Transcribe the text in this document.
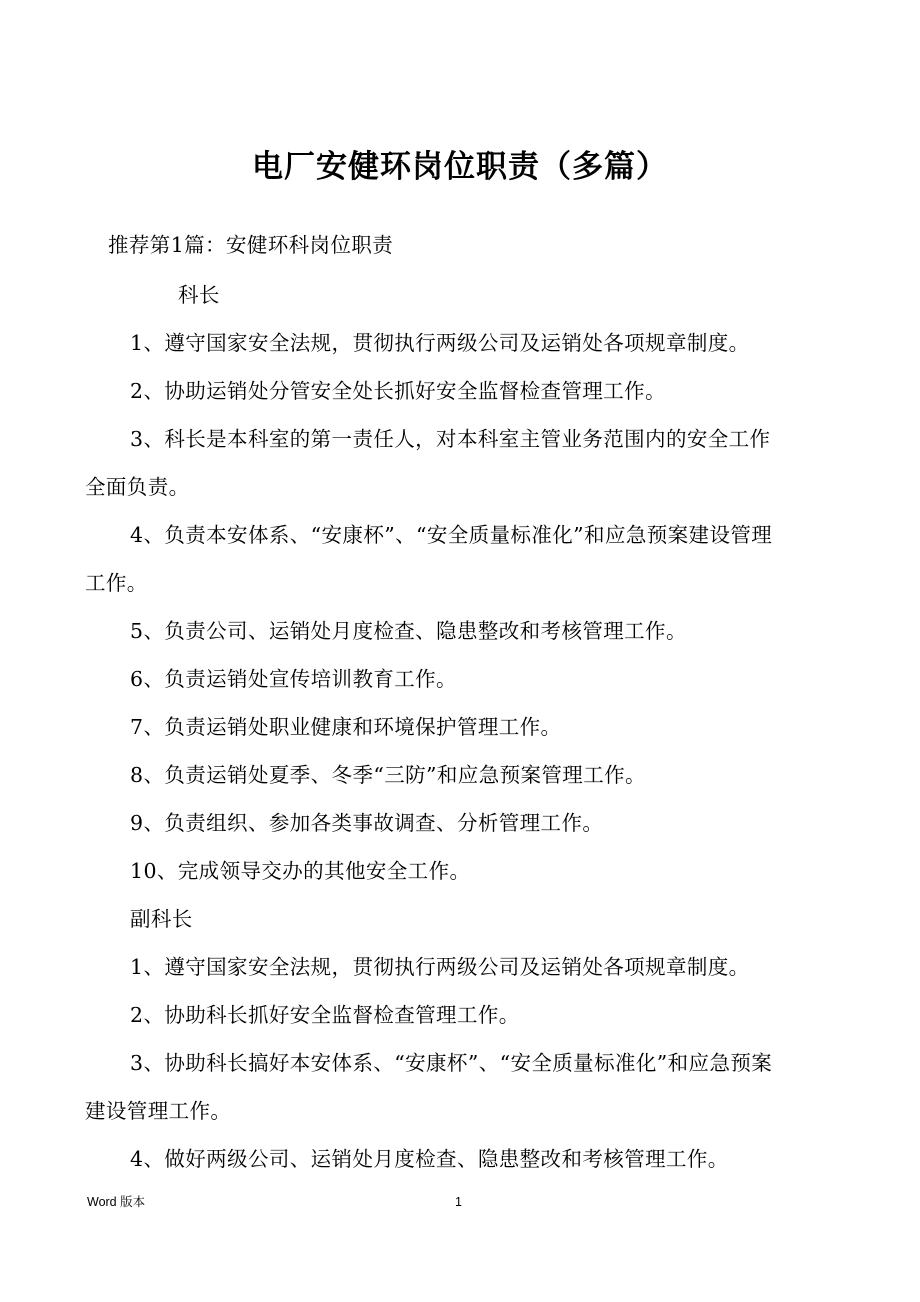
电厂安健环岗位职责（多篇）
推荐第1篇：安健环科岗位职责
科长
1、遵守国家安全法规，贯彻执行两级公司及运销处各项规章制度。
2、协助运销处分管安全处长抓好安全监督检查管理工作。
3、科长是本科室的第一责任人，对本科室主管业务范围内的安全工作
全面负责。
4、负责本安体系、“安康杯”、“安全质量标准化”和应急预案建设管理
工作。
5、负责公司、运销处月度检查、隐患整改和考核管理工作。
6、负责运销处宣传培训教育工作。
7、负责运销处职业健康和环境保护管理工作。
8、负责运销处夏季、冬季“三防”和应急预案管理工作。
9、负责组织、参加各类事故调查、分析管理工作。
10、完成领导交办的其他安全工作。
副科长
1、遵守国家安全法规，贯彻执行两级公司及运销处各项规章制度。
2、协助科长抓好安全监督检查管理工作。
3、协助科长搞好本安体系、“安康杯”、“安全质量标准化”和应急预案
建设管理工作。
4、做好两级公司、运销处月度检查、隐患整改和考核管理工作。
Word 版本	1
